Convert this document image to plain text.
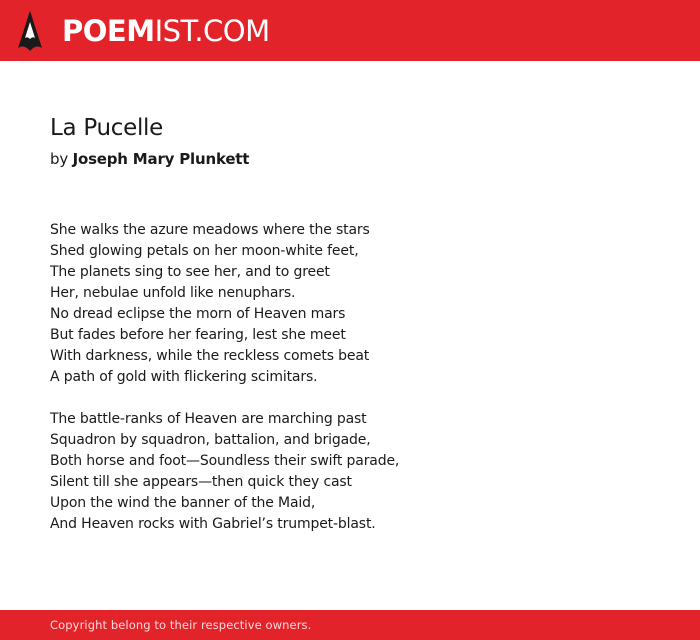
POEM IST.COM
La Pucelle
by Joseph Mary Plunkett
She walks the azure meadows where the stars
Shed glowing petals on her moon-white feet,
The planets sing to see her, and to greet
Her, nebulae unfold like nenuphars.
No dread eclipse the morn of Heaven mars
But fades before her fearing, lest she meet
With darkness, while the reckless comets beat
A path of gold with flickering scimitars.
The battle-ranks of Heaven are marching past
Squadron by squadron, battalion, and brigade,
Both horse and foot—Soundless their swift parade,
Silent till she appears—then quick they cast
Upon the wind the banner of the Maid,
And Heaven rocks with Gabriel’s trumpet-blast.
Copyright belong to their respective owners.
